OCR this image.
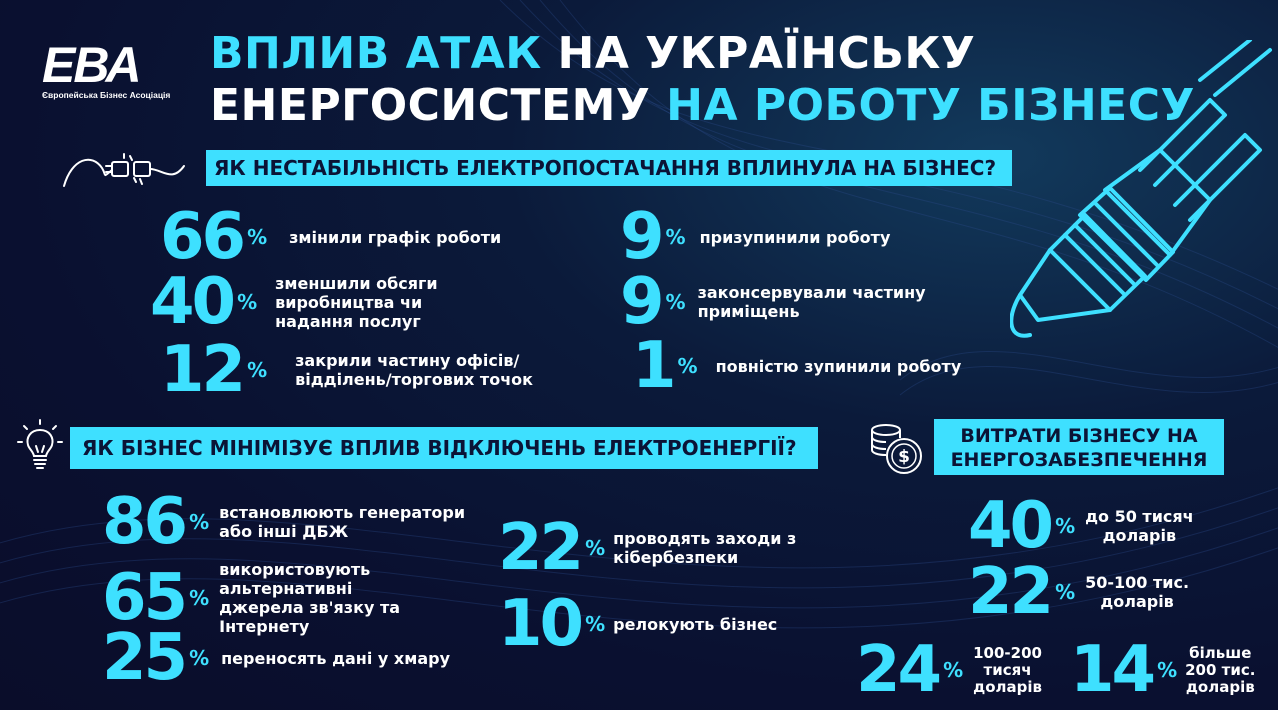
ЕВА
Європейська Бізнес Асоціація
ВПЛИВ АТАК НА УКРАЇНСЬКУ
ЕНЕРГОСИСТЕМУ НА РОБОТУ БІЗНЕСУ
ЯК НЕСТАБІЛЬНІСТЬ ЕЛЕКТРОПОСТАЧАННЯ ВПЛИНУЛА НА БІЗНЕС?
66 % змінили графік роботи
40 %
зменшили обсяги виробництва чи надання послуг
12 % закрили частину офісів/ відділень/торгових точок
9 % призупинили роботу
9 % законсервували частину приміщень
1 % повністю зупинили роботу
ЯК БІЗНЕС МІНІМІЗУЄ ВПЛИВ ВІДКЛЮЧЕНЬ ЕЛЕКТРОЕНЕРГІЇ?
86 % встановлюють генератори або інші ДБЖ
65 %
використовують альтернативні джерела зв'язку та Інтернету
25 % переносять дані у хмару
22 % проводять заходи з кібербезпеки
10 % релокують бізнес
$
ВИТРАТИ БІЗНЕСУ НА
ЕНЕРГОЗАБЕЗПЕЧЕННЯ
40 % до 50 тисяч
доларів
22 % 50-100 тис.
доларів
24 %
100-200
тисяч
доларів 14 %
більше
200 тис.
доларів
